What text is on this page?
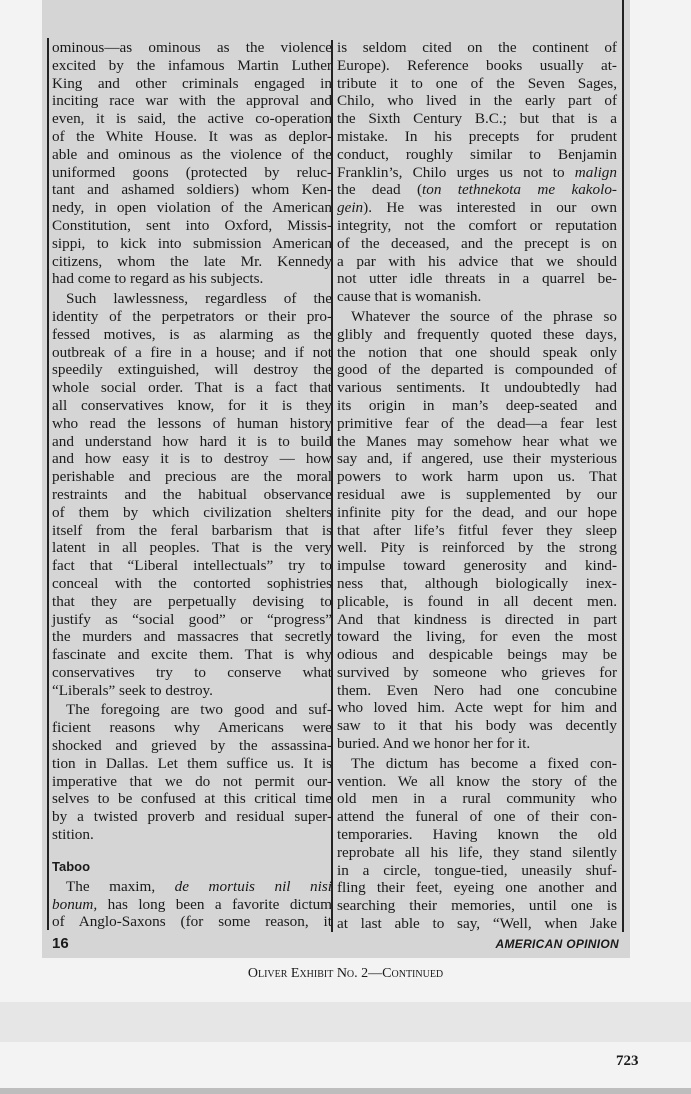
ominous—as ominous as the violence
excited by the infamous Martin Luther
King and other criminals engaged in
inciting race war with the approval and
even, it is said, the active co-operation
of the White House. It was as deplor-
able and ominous as the violence of the
uniformed goons (protected by reluc-
tant and ashamed soldiers) whom Ken-
nedy, in open violation of the American
Constitution, sent into Oxford, Missis-
sippi, to kick into submission American
citizens, whom the late Mr. Kennedy
had come to regard as his subjects.
Such lawlessness, regardless of the
identity of the perpetrators or their pro-
fessed motives, is as alarming as the
outbreak of a fire in a house; and if not
speedily extinguished, will destroy the
whole social order. That is a fact that
all conservatives know, for it is they
who read the lessons of human history
and understand how hard it is to build
and how easy it is to destroy — how
perishable and precious are the moral
restraints and the habitual observance
of them by which civilization shelters
itself from the feral barbarism that is
latent in all peoples. That is the very
fact that “Liberal intellectuals” try to
conceal with the contorted sophistries
that they are perpetually devising to
justify as “social good” or “progress”
the murders and massacres that secretly
fascinate and excite them. That is why
conservatives try to conserve what
“Liberals” seek to destroy.
The foregoing are two good and suf-
ficient reasons why Americans were
shocked and grieved by the assassina-
tion in Dallas. Let them suffice us. It is
imperative that we do not permit our-
selves to be confused at this critical time
by a twisted proverb and residual super-
stition.
Taboo
The maxim, de mortuis nil nisi
bonum, has long been a favorite dictum
of Anglo-Saxons (for some reason, it
is seldom cited on the continent of
Europe). Reference books usually at-
tribute it to one of the Seven Sages,
Chilo, who lived in the early part of
the Sixth Century B.C.; but that is a
mistake. In his precepts for prudent
conduct, roughly similar to Benjamin
Franklin’s, Chilo urges us not to malign
the dead (ton tethnekota me kakolo-
gein). He was interested in our own
integrity, not the comfort or reputation
of the deceased, and the precept is on
a par with his advice that we should
not utter idle threats in a quarrel be-
cause that is womanish.
Whatever the source of the phrase so
glibly and frequently quoted these days,
the notion that one should speak only
good of the departed is compounded of
various sentiments. It undoubtedly had
its origin in man’s deep-seated and
primitive fear of the dead—a fear lest
the Manes may somehow hear what we
say and, if angered, use their mysterious
powers to work harm upon us. That
residual awe is supplemented by our
infinite pity for the dead, and our hope
that after life’s fitful fever they sleep
well. Pity is reinforced by the strong
impulse toward generosity and kind-
ness that, although biologically inex-
plicable, is found in all decent men.
And that kindness is directed in part
toward the living, for even the most
odious and despicable beings may be
survived by someone who grieves for
them. Even Nero had one concubine
who loved him. Acte wept for him and
saw to it that his body was decently
buried. And we honor her for it.
The dictum has become a fixed con-
vention. We all know the story of the
old men in a rural community who
attend the funeral of one of their con-
temporaries. Having known the old
reprobate all his life, they stand silently
in a circle, tongue-tied, uneasily shuf-
fling their feet, eyeing one another and
searching their memories, until one is
at last able to say, “Well, when Jake
16	AMERICAN OPINION
Oliver Exhibit No. 2—Continued
723
